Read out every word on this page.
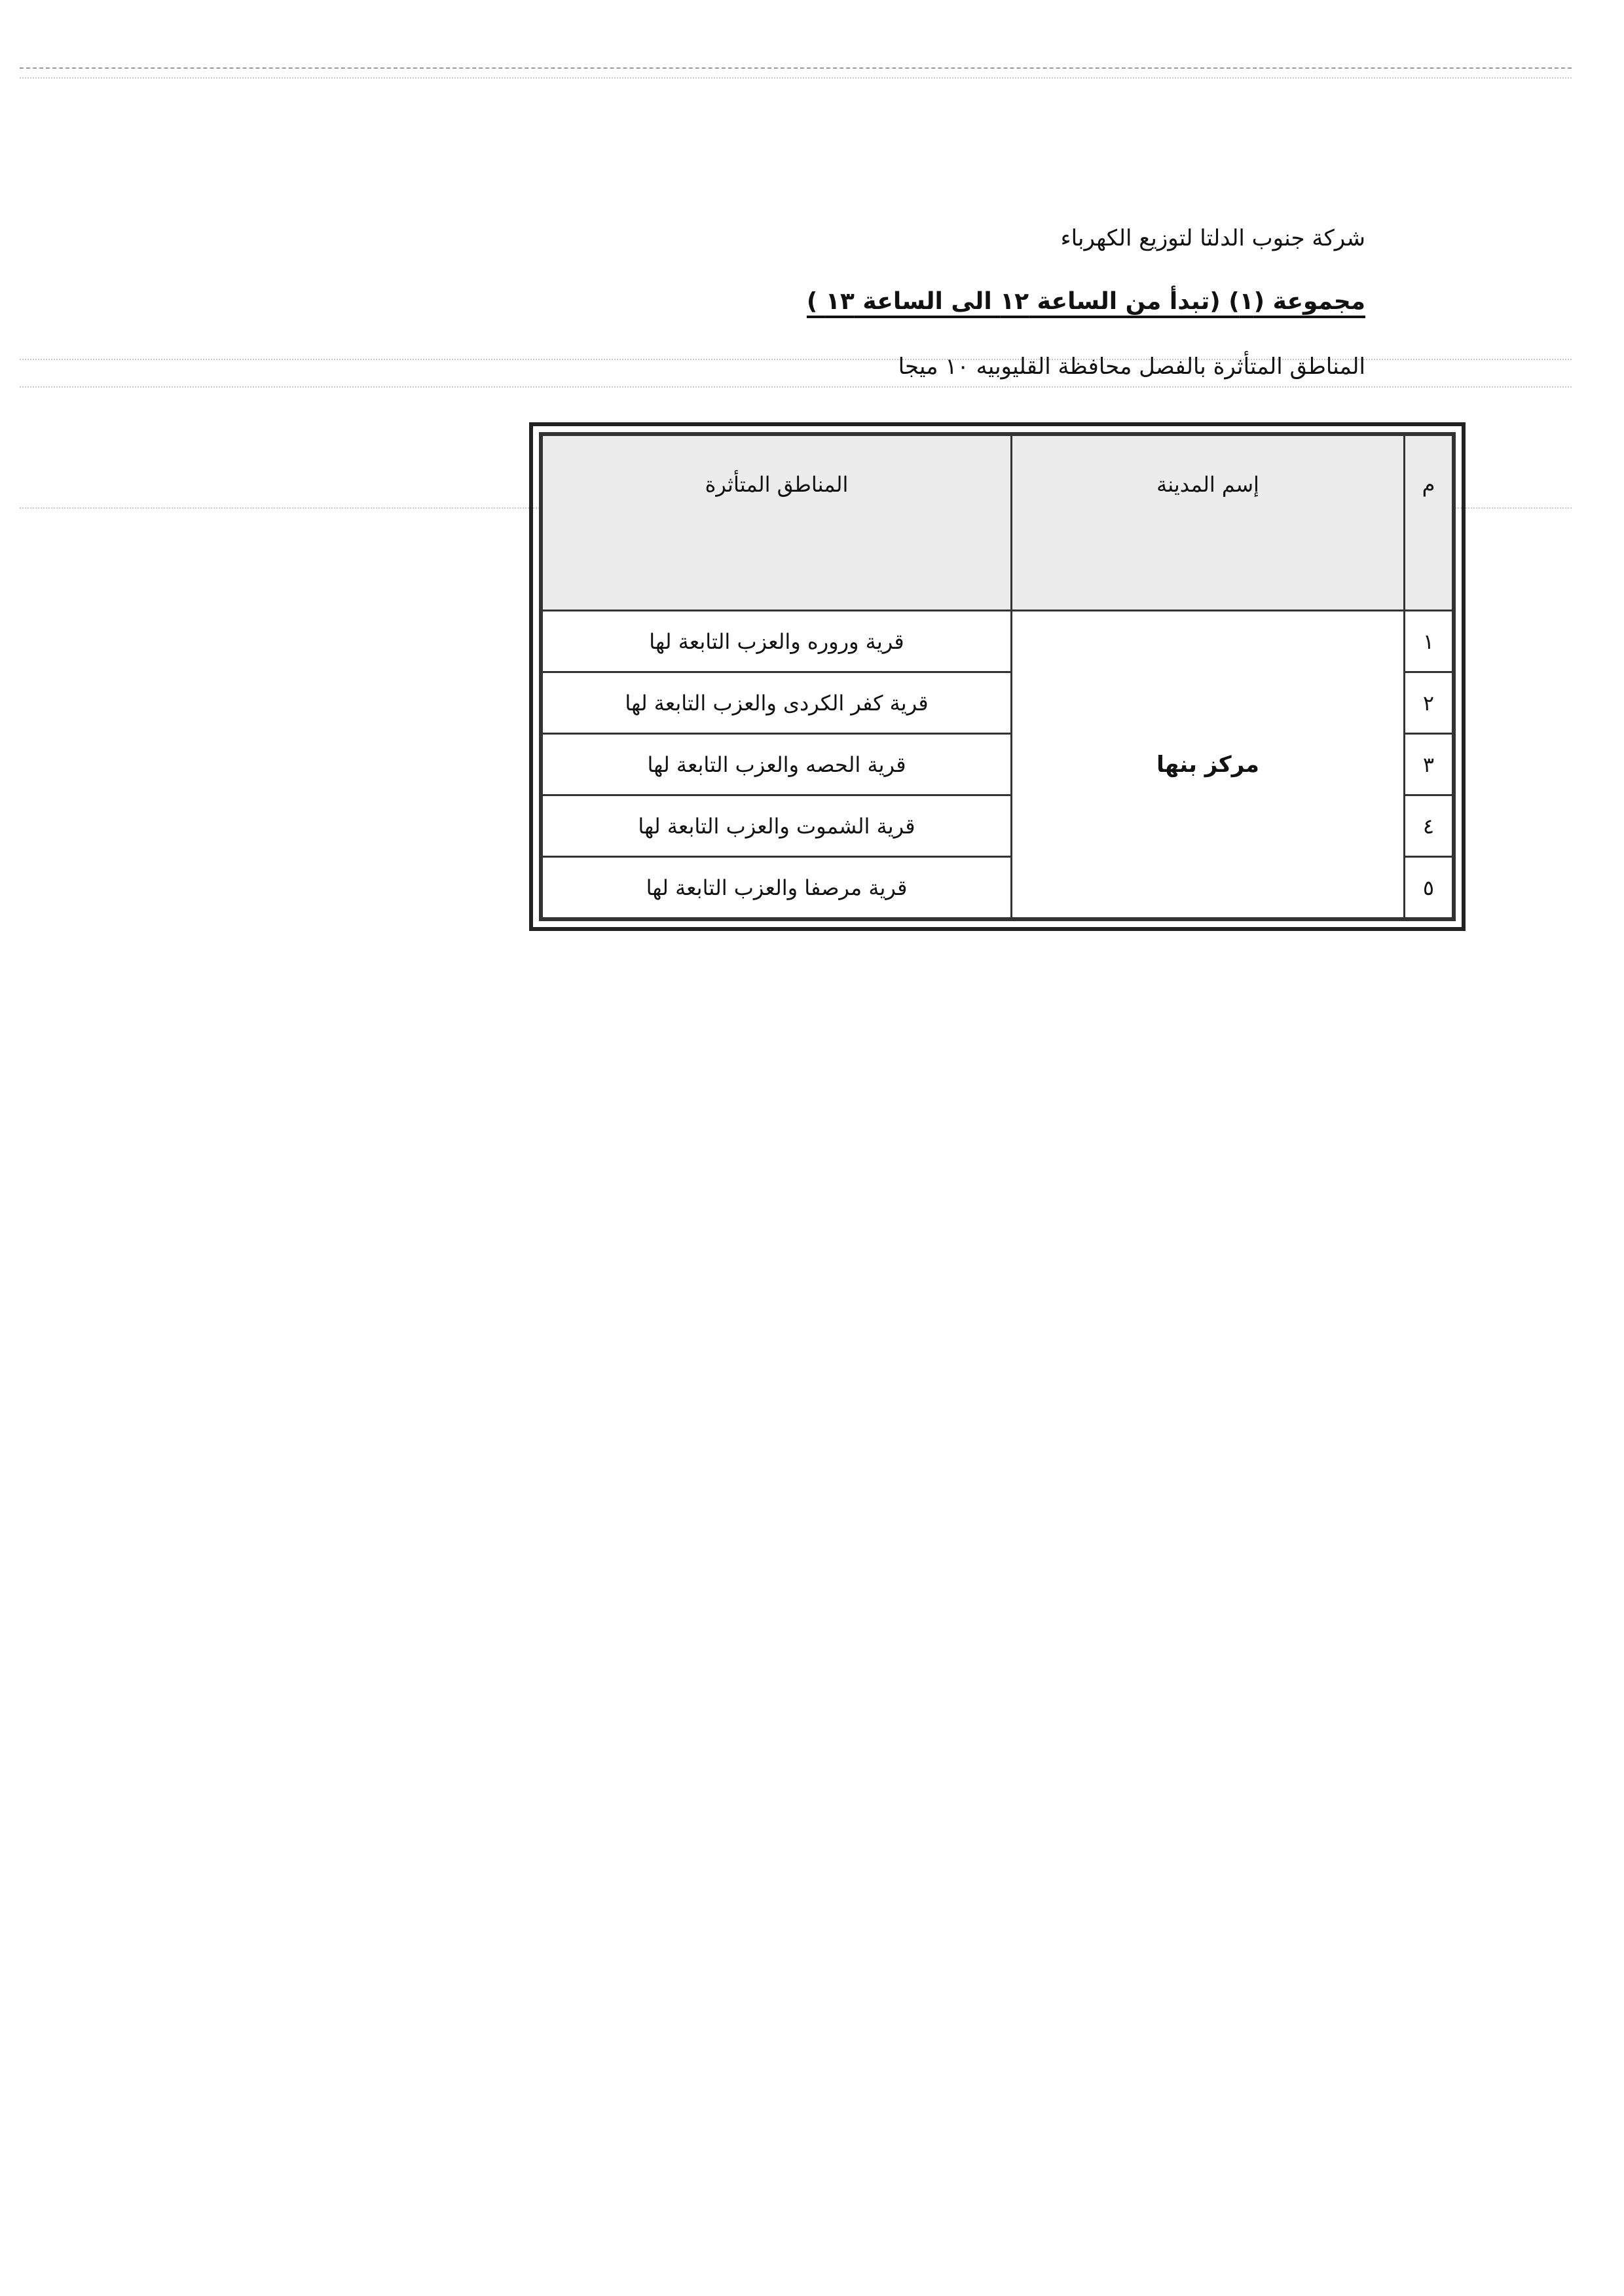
شركة جنوب الدلتا لتوزيع الكهرباء
مجموعة (١) (تبدأ من الساعة ١٢ الى الساعة ١٣ )
المناطق المتأثرة بالفصل محافظة القليوبيه ١٠ ميجا
م	إسم المدينة	المناطق المتأثرة
١	مركز بنها	قرية وروره والعزب التابعة لها
٢		قرية كفر الكردى والعزب التابعة لها
٣		قرية الحصه والعزب التابعة لها
٤		قرية الشموت والعزب التابعة لها
٥		قرية مرصفا والعزب التابعة لها
